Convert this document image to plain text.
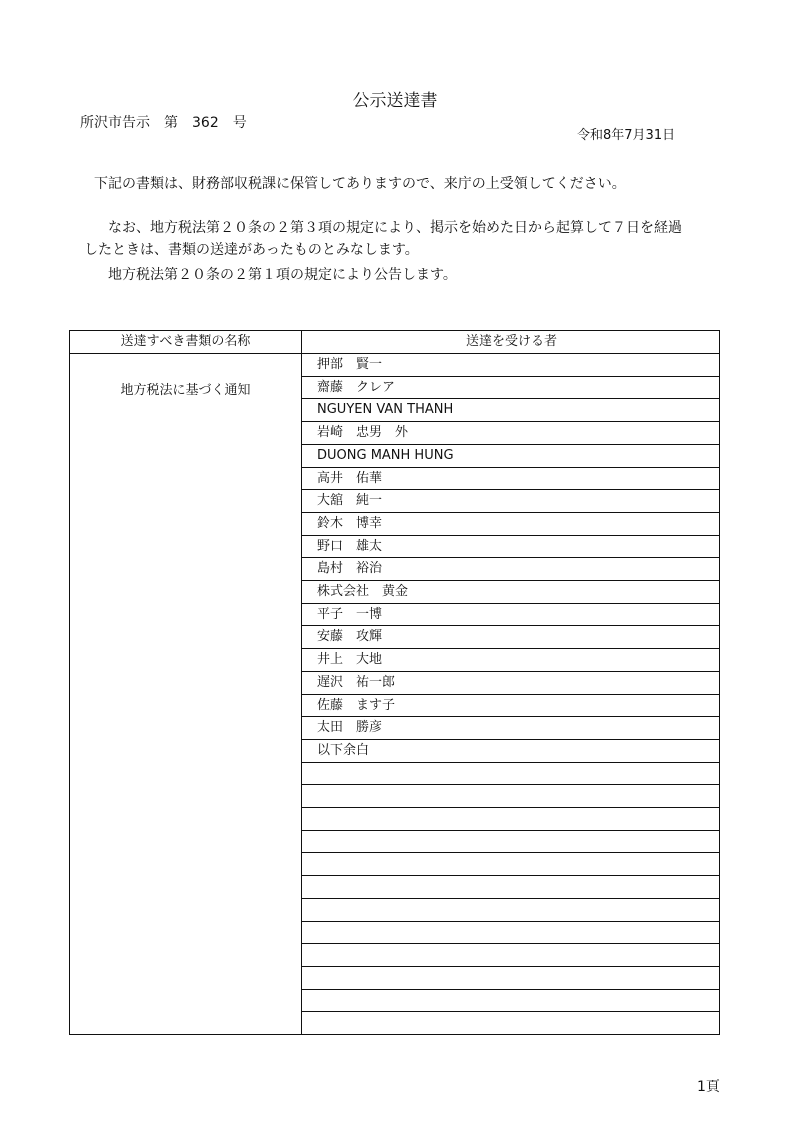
公示送達書
所沢市告示　第　362　号
令和8年7月31日
下記の書類は、財務部収税課に保管してありますので、来庁の上受領してください。
なお、地方税法第２０条の２第３項の規定により、掲示を始めた日から起算して７日を経過
したときは、書類の送達があったものとみなします。
地方税法第２０条の２第１項の規定により公告します。
送達すべき書類の名称	送達を受ける者
地方税法に基づく通知
押部　賢一
齋藤　クレア
NGUYEN VAN THANH
岩崎　忠男　外
DUONG MANH HUNG
高井　佑華
大舘　純一
鈴木　博幸
野口　雄太
島村　裕治
株式会社　黄金
平子　一博
安藤　攻輝
井上　大地
遅沢　祐一郎
佐藤　ます子
太田　勝彦
以下余白
1頁
